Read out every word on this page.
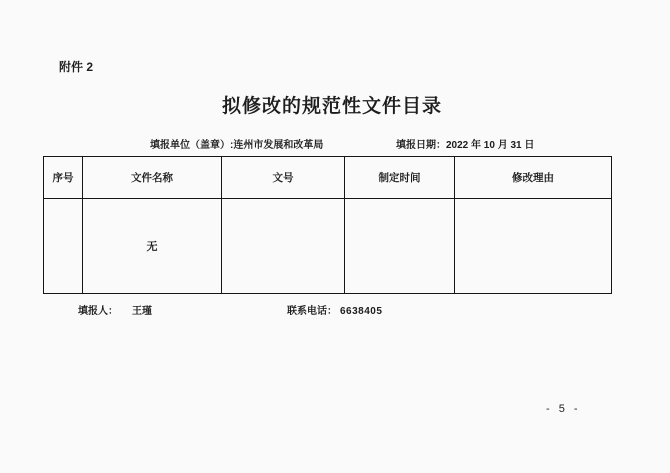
附件 2
拟修改的规范性文件目录
填报单位（盖章）:连州市发展和改革局	填报日期：2022 年 10 月 31 日
序号	文件名称	文号	制定时间	修改理由
	无			
填报人： 王瑾	联系电话： 6638405
- 5 -
